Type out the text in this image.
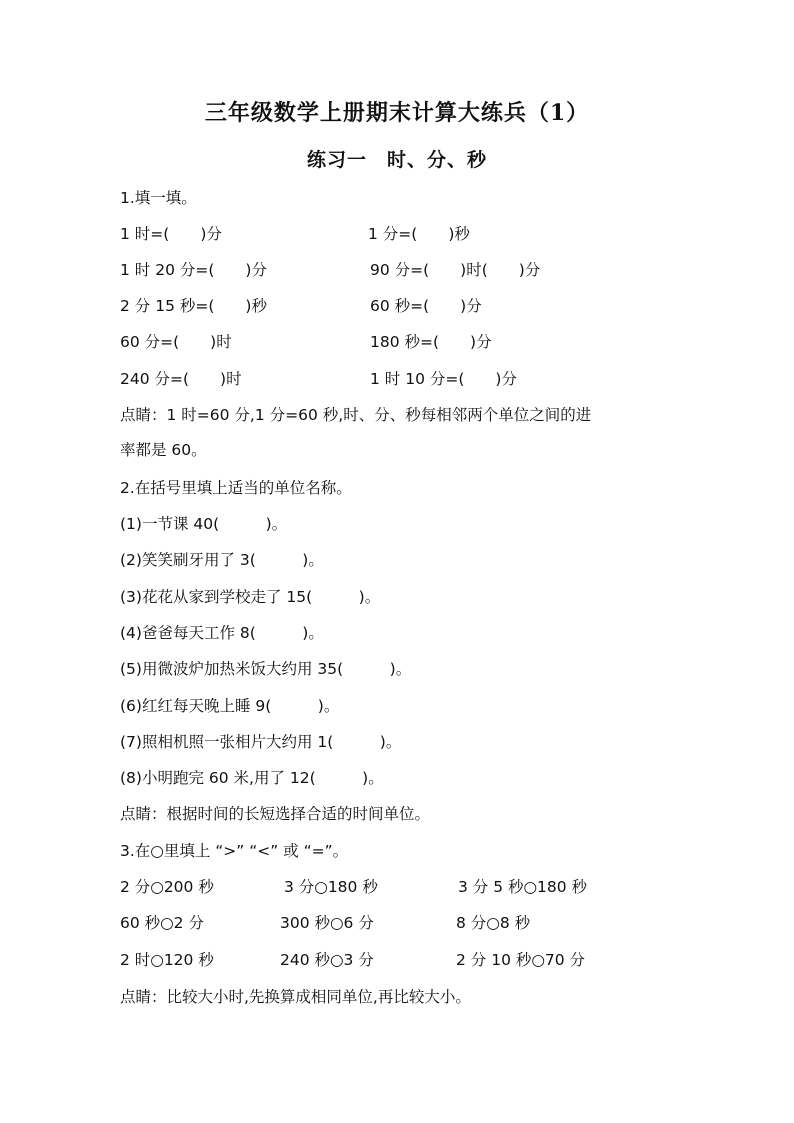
三年级数学上册期末计算大练兵（1）
练习一　时、分、秒
1.填一填。
1 时=(　　)分	1 分=(　　)秒
1 时 20 分=(　　)分	90 分=(　　)时(　　)分
2 分 15 秒=(　　)秒	60 秒=(　　)分
60 分=(　　)时	180 秒=(　　)分
240 分=(　　)时	1 时 10 分=(　　)分
点睛：1 时=60 分,1 分=60 秒,时、分、秒每相邻两个单位之间的进
率都是 60。
2.在括号里填上适当的单位名称。
(1)一节课 40(　　　)。
(2)笑笑刷牙用了 3(　　　)。
(3)花花从家到学校走了 15(　　　)。
(4)爸爸每天工作 8(　　　)。
(5)用微波炉加热米饭大约用 35(　　　)。
(6)红红每天晚上睡 9(　　　)。
(7)照相机照一张相片大约用 1(　　　)。
(8)小明跑完 60 米,用了 12(　　　)。
点睛：根据时间的长短选择合适的时间单位。
3.在○里填上 “>” “<” 或 “=”。
2 分○200 秒	3 分○180 秒	3 分 5 秒○180 秒
60 秒○2 分	300 秒○6 分	8 分○8 秒
2 时○120 秒	240 秒○3 分	2 分 10 秒○70 分
点睛：比较大小时,先换算成相同单位,再比较大小。
